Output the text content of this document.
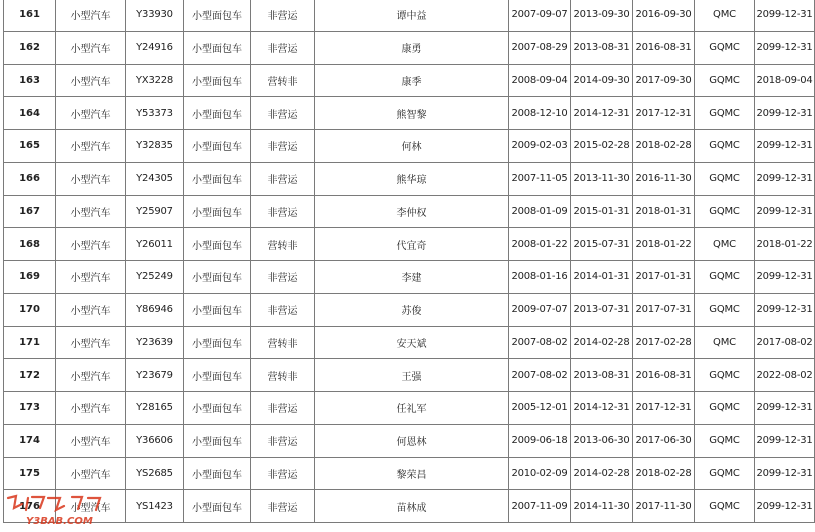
161	小型汽车	Y33930	小型面包车	非营运	谭中益	2007-09-07	2013-09-30	2016-09-30	QMC	2099-12-31
162	小型汽车	Y24916	小型面包车	非营运	康勇	2007-08-29	2013-08-31	2016-08-31	GQMC	2099-12-31
163	小型汽车	YX3228	小型面包车	营转非	康季	2008-09-04	2014-09-30	2017-09-30	GQMC	2018-09-04
164	小型汽车	Y53373	小型面包车	非营运	熊智黎	2008-12-10	2014-12-31	2017-12-31	GQMC	2099-12-31
165	小型汽车	Y32835	小型面包车	非营运	何林	2009-02-03	2015-02-28	2018-02-28	GQMC	2099-12-31
166	小型汽车	Y24305	小型面包车	非营运	熊华琼	2007-11-05	2013-11-30	2016-11-30	GQMC	2099-12-31
167	小型汽车	Y25907	小型面包车	非营运	李仲权	2008-01-09	2015-01-31	2018-01-31	GQMC	2099-12-31
168	小型汽车	Y26011	小型面包车	营转非	代宜奇	2008-01-22	2015-07-31	2018-01-22	QMC	2018-01-22
169	小型汽车	Y25249	小型面包车	非营运	李建	2008-01-16	2014-01-31	2017-01-31	GQMC	2099-12-31
170	小型汽车	Y86946	小型面包车	非营运	苏俊	2009-07-07	2013-07-31	2017-07-31	GQMC	2099-12-31
171	小型汽车	Y23639	小型面包车	营转非	安天斌	2007-08-02	2014-02-28	2017-02-28	QMC	2017-08-02
172	小型汽车	Y23679	小型面包车	营转非	王强	2007-08-02	2013-08-31	2016-08-31	GQMC	2022-08-02
173	小型汽车	Y28165	小型面包车	非营运	任礼军	2005-12-01	2014-12-31	2017-12-31	GQMC	2099-12-31
174	小型汽车	Y36606	小型面包车	非营运	何恩林	2009-06-18	2013-06-30	2017-06-30	GQMC	2099-12-31
175	小型汽车	YS2685	小型面包车	非营运	黎荣昌	2010-02-09	2014-02-28	2018-02-28	GQMC	2099-12-31
176	小型汽车	YS1423	小型面包车	非营运	苗林成	2007-11-09	2014-11-30	2017-11-30	GQMC	2099-12-31
Y3BAB.COM
